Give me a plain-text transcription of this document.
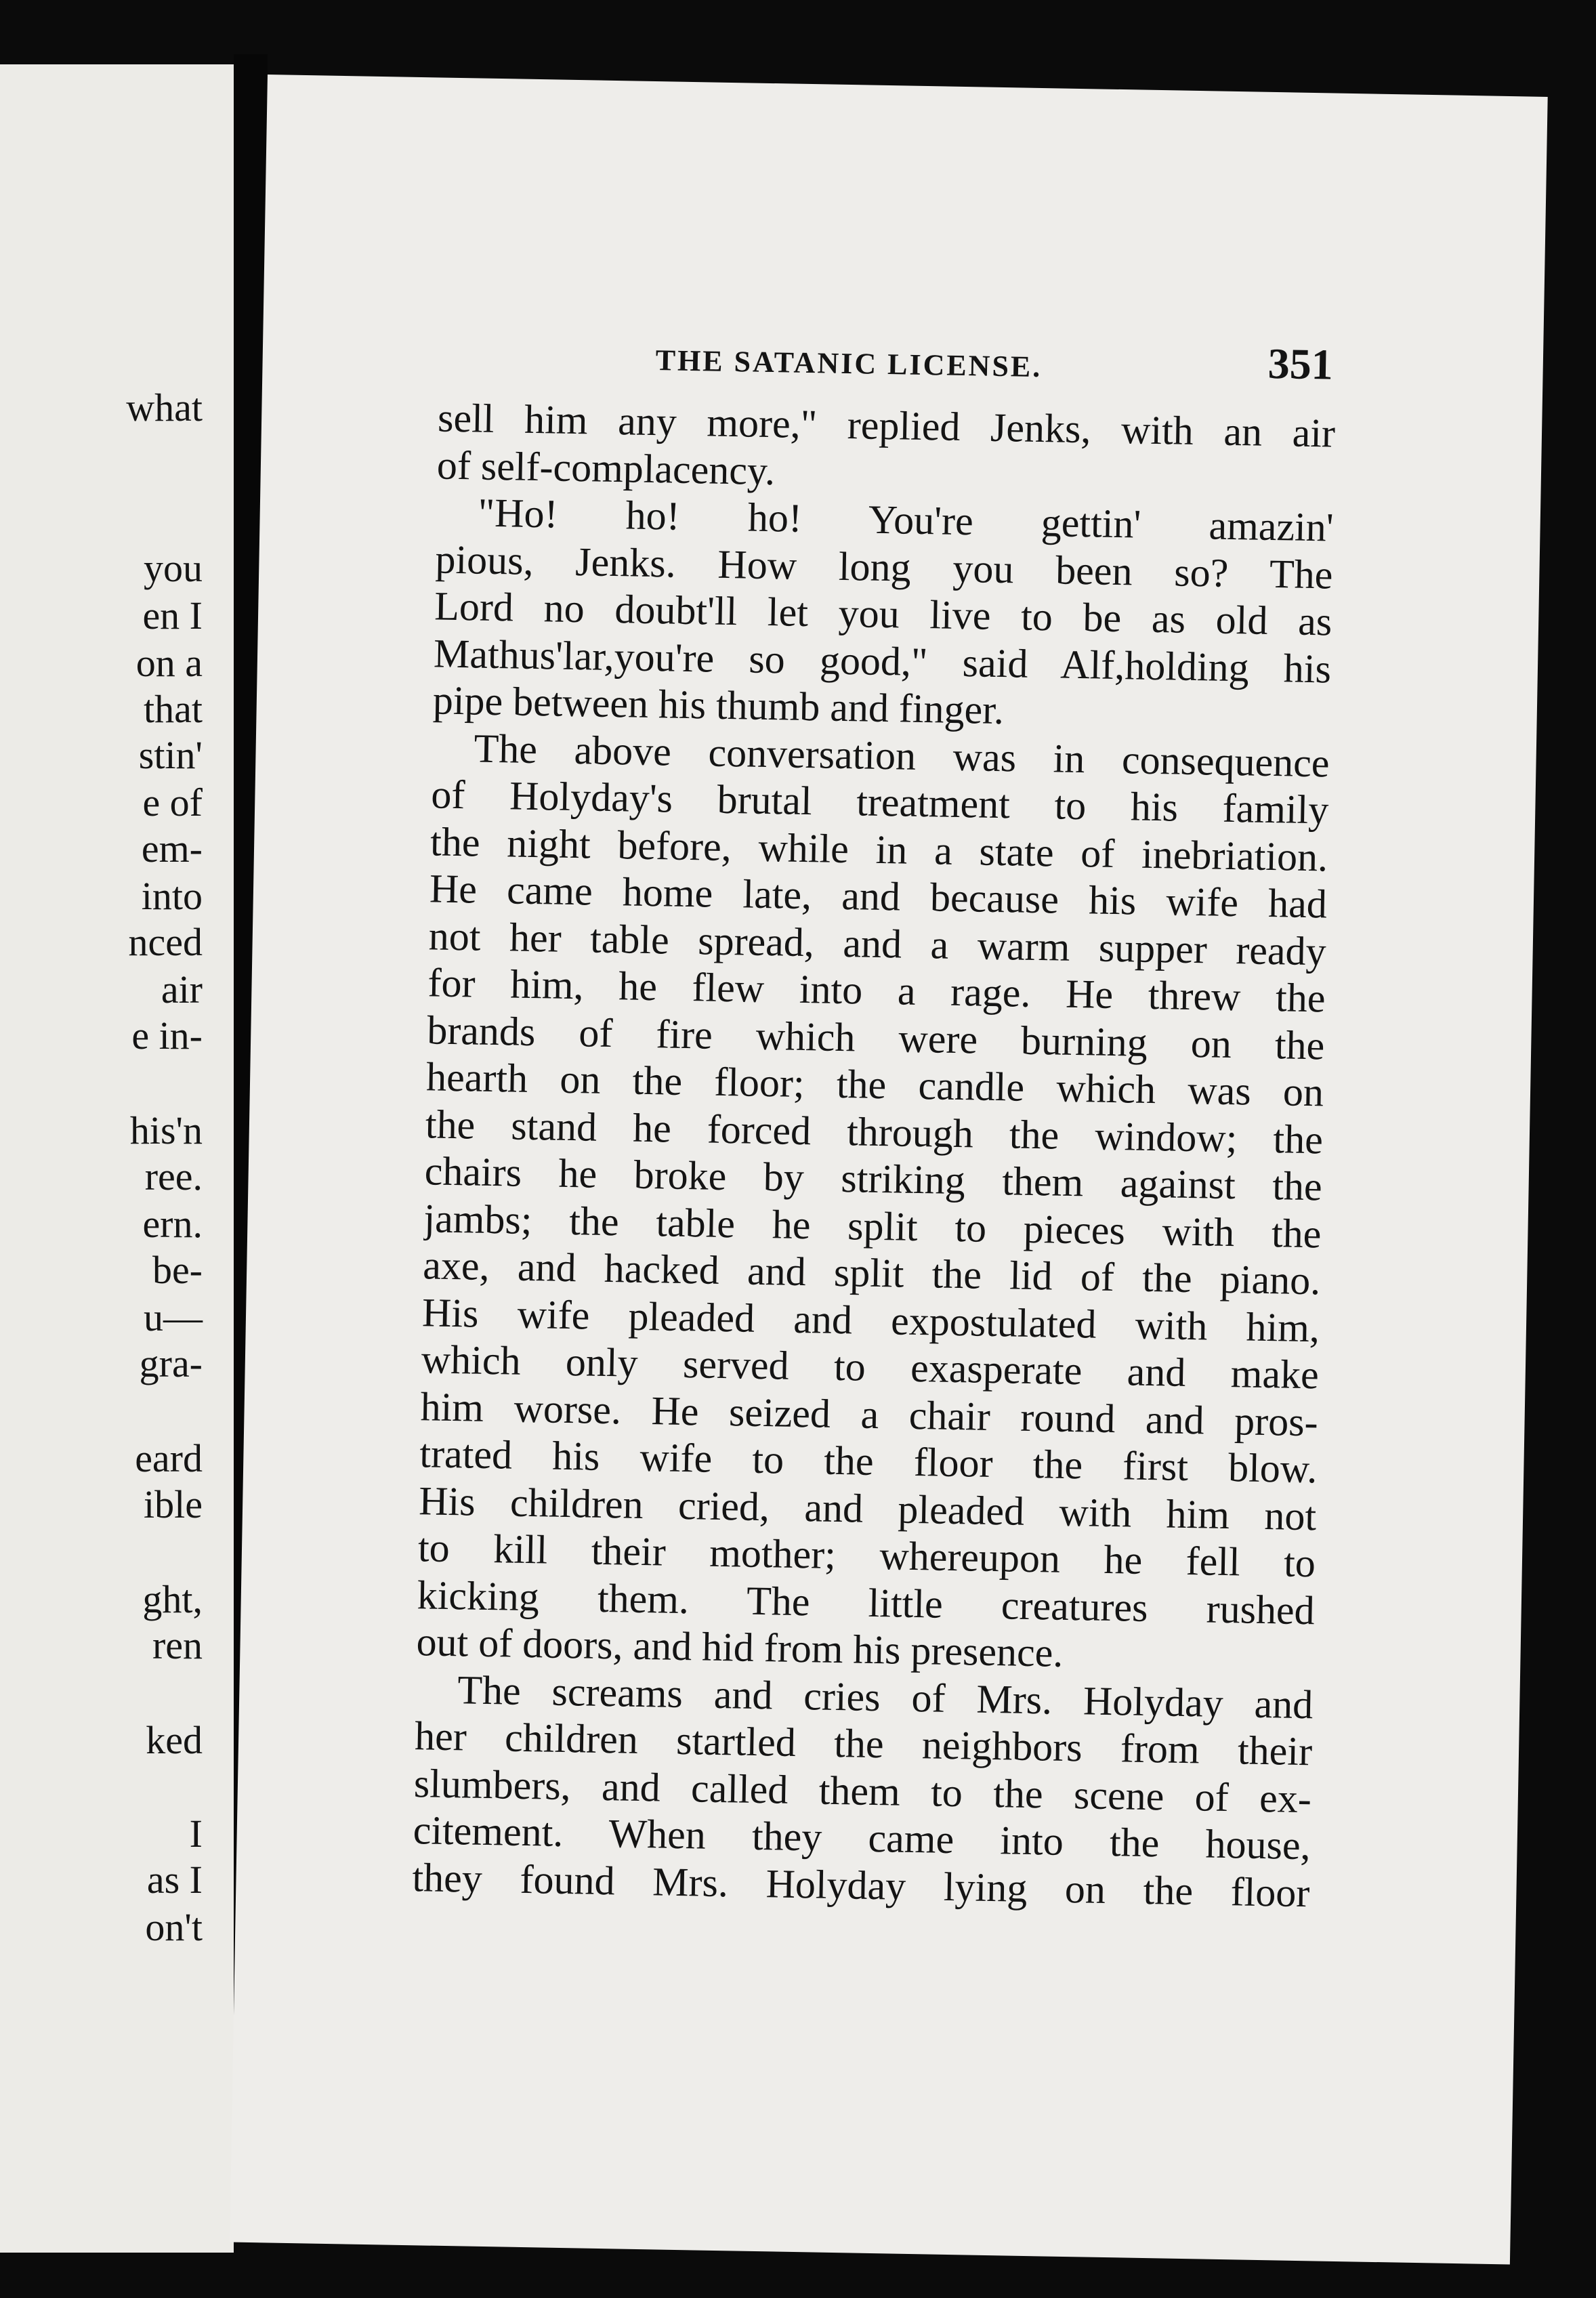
what
you
en I
on a
that
stin'
e of
em-
into
nced
air
e in-
his'n
ree.
ern.
be-
u—
gra-
eard
ible
ght,
ren
ked
I
as I
on't
THE SATANIC LICENSE.	351
sell him any more," replied Jenks, with an air
of self-complacency.
"Ho! ho! ho! You're gettin' amazin'
pious, Jenks. How long you been so? The
Lord no doubt'll let you live to be as old as
Mathus'lar,you're so good," said Alf,holding his
pipe between his thumb and finger.
The above conversation was in consequence
of Holyday's brutal treatment to his family
the night before, while in a state of inebriation.
He came home late, and because his wife had
not her table spread, and a warm supper ready
for him, he flew into a rage. He threw the
brands of fire which were burning on the
hearth on the floor; the candle which was on
the stand he forced through the window; the
chairs he broke by striking them against the
jambs; the table he split to pieces with the
axe, and hacked and split the lid of the piano.
His wife pleaded and expostulated with him,
which only served to exasperate and make
him worse. He seized a chair round and pros-
trated his wife to the floor the first blow.
His children cried, and pleaded with him not
to kill their mother; whereupon he fell to
kicking them. The little creatures rushed
out of doors, and hid from his presence.
The screams and cries of Mrs. Holyday and
her children startled the neighbors from their
slumbers, and called them to the scene of ex-
citement. When they came into the house,
they found Mrs. Holyday lying on the floor
